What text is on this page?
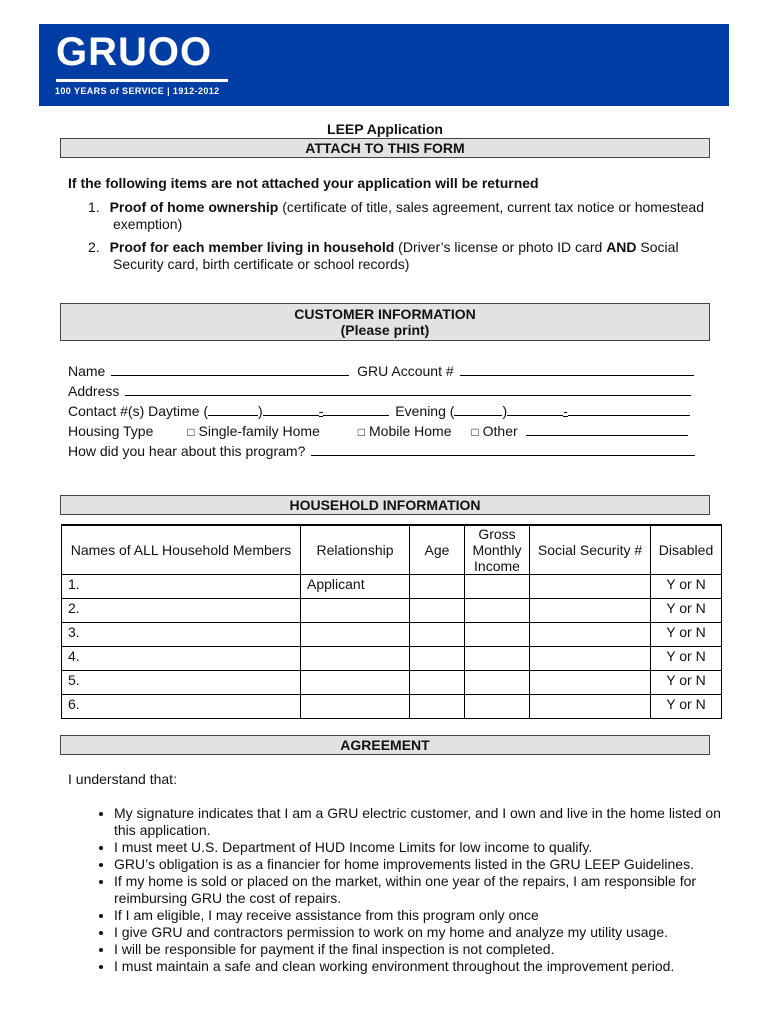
GRUOO
100 YEARS of SERVICE | 1912-2012
LEEP Application
ATTACH TO THIS FORM
If the following items are not attached your application will be returned
1. Proof of home ownership (certificate of title, sales agreement, current tax notice or homestead
exemption)
2. Proof for each member living in household (Driver’s license or photo ID card AND Social
Security card, birth certificate or school records)
CUSTOMER INFORMATION
(Please print)
Name	GRU Account #
Address
Contact #(s) Daytime (	)	-	Evening (	)	-
Housing Type	□ Single-family Home	□ Mobile Home □ Other
How did you hear about this program?
HOUSEHOLD INFORMATION
Names of ALL Household Members	Relationship	Age	Gross Monthly Income	Social Security #	Disabled
1.	Applicant				Y or N
2.					Y or N
3.					Y or N
4.					Y or N
5.					Y or N
6.					Y or N
AGREEMENT
I understand that:
• My signature indicates that I am a GRU electric customer, and I own and live in the home listed on this application.
• I must meet U.S. Department of HUD Income Limits for low income to qualify.
• GRU’s obligation is as a financier for home improvements listed in the GRU LEEP Guidelines.
• If my home is sold or placed on the market, within one year of the repairs, I am responsible for reimbursing GRU the cost of repairs.
• If I am eligible, I may receive assistance from this program only once
• I give GRU and contractors permission to work on my home and analyze my utility usage.
• I will be responsible for payment if the final inspection is not completed.
• I must maintain a safe and clean working environment throughout the improvement period.
